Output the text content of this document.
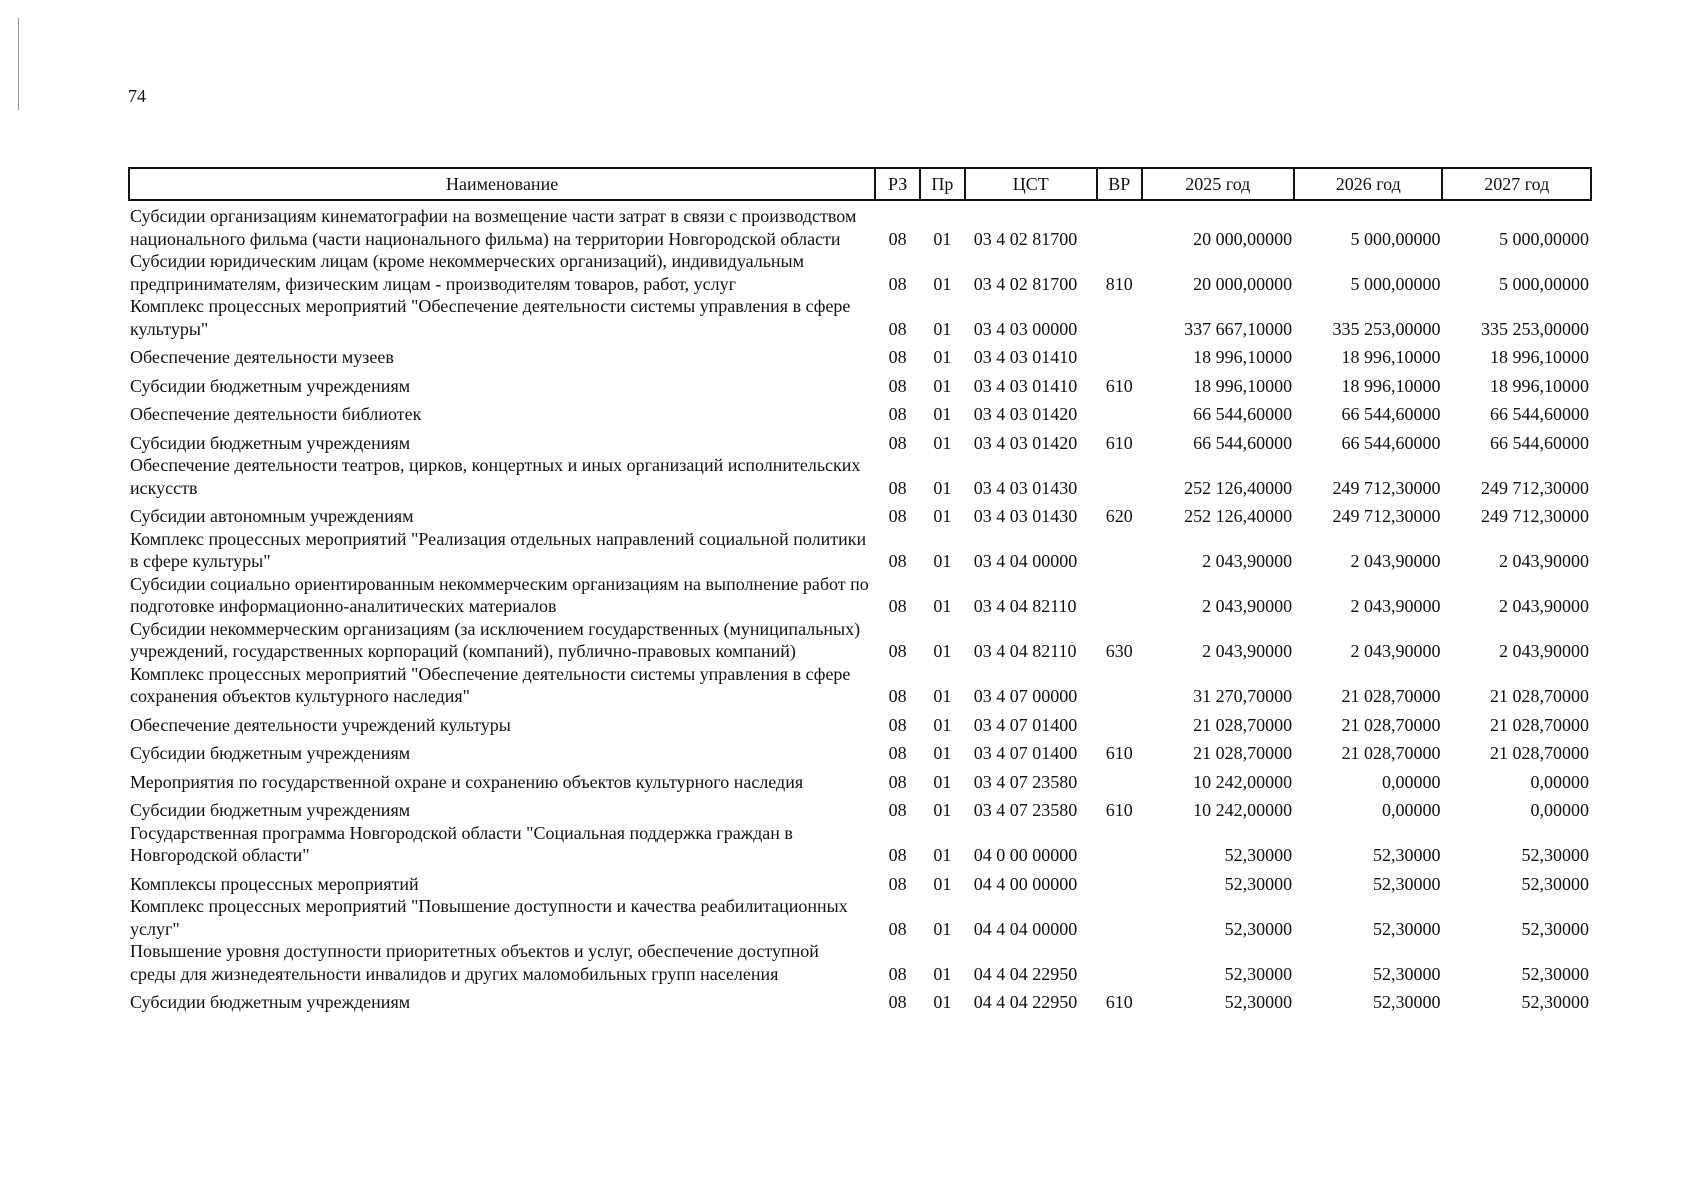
74
Наименование	РЗ	Пр	ЦСТ	ВР	2025 год	2026 год	2027 год
Субсидии организациям кинематографии на возмещение части затрат в связи с производством национального фильма (части национального фильма) на территории Новгородской области	08	01	03 4 02 81700		20 000,00000	5 000,00000	5 000,00000
Субсидии юридическим лицам (кроме некоммерческих организаций), индивидуальным предпринимателям, физическим лицам - производителям товаров, работ, услуг	08	01	03 4 02 81700	810	20 000,00000	5 000,00000	5 000,00000
Комплекс процессных мероприятий "Обеспечение деятельности системы управления в сфере культуры"	08	01	03 4 03 00000		337 667,10000	335 253,00000	335 253,00000
Обеспечение деятельности музеев	08	01	03 4 03 01410		18 996,10000	18 996,10000	18 996,10000
Субсидии бюджетным учреждениям	08	01	03 4 03 01410	610	18 996,10000	18 996,10000	18 996,10000
Обеспечение деятельности библиотек	08	01	03 4 03 01420		66 544,60000	66 544,60000	66 544,60000
Субсидии бюджетным учреждениям	08	01	03 4 03 01420	610	66 544,60000	66 544,60000	66 544,60000
Обеспечение деятельности театров, цирков, концертных и иных организаций исполнительских искусств	08	01	03 4 03 01430		252 126,40000	249 712,30000	249 712,30000
Субсидии автономным учреждениям	08	01	03 4 03 01430	620	252 126,40000	249 712,30000	249 712,30000
Комплекс процессных мероприятий "Реализация отдельных направлений социальной политики в сфере культуры"	08	01	03 4 04 00000		2 043,90000	2 043,90000	2 043,90000
Субсидии социально ориентированным некоммерческим организациям на выполнение работ по подготовке информационно-аналитических материалов	08	01	03 4 04 82110		2 043,90000	2 043,90000	2 043,90000
Субсидии некоммерческим организациям (за исключением государственных (муниципальных) учреждений, государственных корпораций (компаний), публично-правовых компаний)	08	01	03 4 04 82110	630	2 043,90000	2 043,90000	2 043,90000
Комплекс процессных мероприятий "Обеспечение деятельности системы управления в сфере сохранения объектов культурного наследия"	08	01	03 4 07 00000		31 270,70000	21 028,70000	21 028,70000
Обеспечение деятельности учреждений культуры	08	01	03 4 07 01400		21 028,70000	21 028,70000	21 028,70000
Субсидии бюджетным учреждениям	08	01	03 4 07 01400	610	21 028,70000	21 028,70000	21 028,70000
Мероприятия по государственной охране и сохранению объектов культурного наследия	08	01	03 4 07 23580		10 242,00000	0,00000	0,00000
Субсидии бюджетным учреждениям	08	01	03 4 07 23580	610	10 242,00000	0,00000	0,00000
Государственная программа Новгородской области "Социальная поддержка граждан в Новгородской области"	08	01	04 0 00 00000		52,30000	52,30000	52,30000
Комплексы процессных мероприятий	08	01	04 4 00 00000		52,30000	52,30000	52,30000
Комплекс процессных мероприятий "Повышение доступности и качества реабилитационных услуг"	08	01	04 4 04 00000		52,30000	52,30000	52,30000
Повышение уровня доступности приоритетных объектов и услуг, обеспечение доступной среды для жизнедеятельности инвалидов и других маломобильных групп населения	08	01	04 4 04 22950		52,30000	52,30000	52,30000
Субсидии бюджетным учреждениям	08	01	04 4 04 22950	610	52,30000	52,30000	52,30000
